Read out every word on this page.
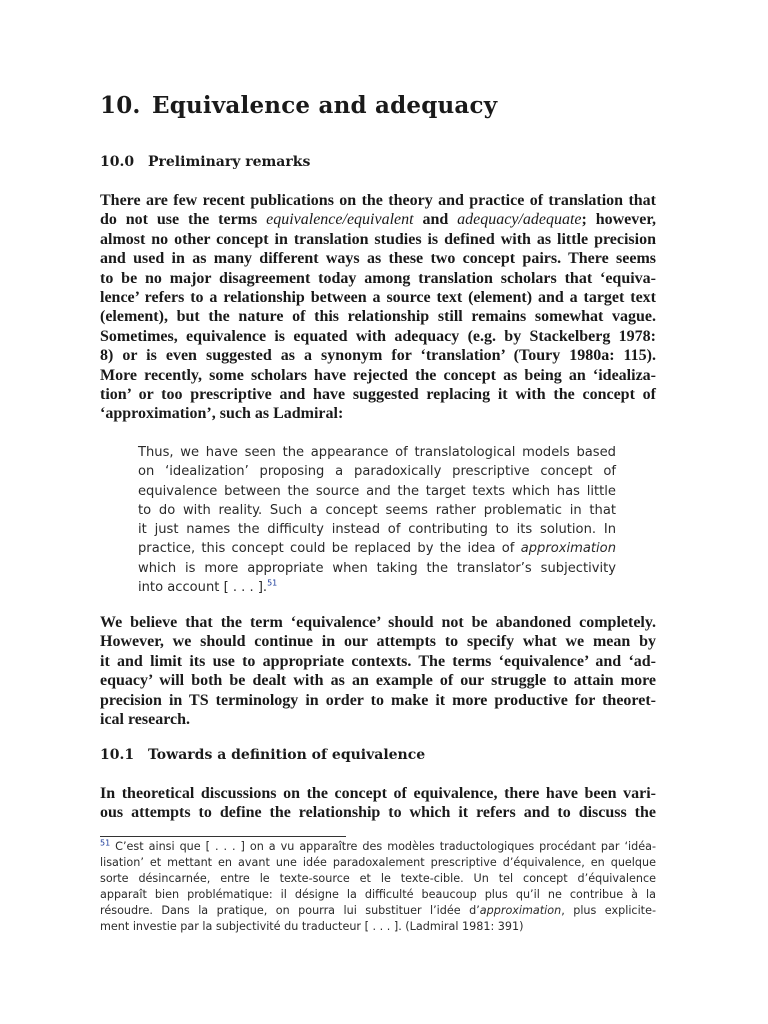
10. Equivalence and adequacy
10.0 Preliminary remarks
There are few recent publications on the theory and practice of translation that
do not use the terms equivalence/equivalent and adequacy/adequate; however,
almost no other concept in translation studies is defined with as little precision
and used in as many different ways as these two concept pairs. There seems
to be no major disagreement today among translation scholars that ‘equiva-
lence’ refers to a relationship between a source text (element) and a target text
(element), but the nature of this relationship still remains somewhat vague.
Sometimes, equivalence is equated with adequacy (e.g. by Stackelberg 1978:
8) or is even suggested as a synonym for ‘translation’ (Toury 1980a: 115).
More recently, some scholars have rejected the concept as being an ‘idealiza-
tion’ or too prescriptive and have suggested replacing it with the concept of
‘approximation’, such as Ladmiral:
Thus, we have seen the appearance of translatological models based
on ‘idealization’ proposing a paradoxically prescriptive concept of
equivalence between the source and the target texts which has little
to do with reality. Such a concept seems rather problematic in that
it just names the difficulty instead of contributing to its solution. In
practice, this concept could be replaced by the idea of approximation
which is more appropriate when taking the translator’s subjectivity
into account [ . . . ].$^{51}$
We believe that the term ‘equivalence’ should not be abandoned completely.
However, we should continue in our attempts to specify what we mean by
it and limit its use to appropriate contexts. The terms ‘equivalence’ and ‘ad-
equacy’ will both be dealt with as an example of our struggle to attain more
precision in TS terminology in order to make it more productive for theoret-
ical research.
10.1 Towards a definition of equivalence
In theoretical discussions on the concept of equivalence, there have been vari-
ous attempts to define the relationship to which it refers and to discuss the
$^{51}$ C’est ainsi que [ . . . ] on a vu apparaître des modèles traductologiques procédant par ‘idéa-
lisation’ et mettant en avant une idée paradoxalement prescriptive d’équivalence, en quelque
sorte désincarnée, entre le texte-source et le texte-cible. Un tel concept d’équivalence
apparaît bien problématique: il désigne la difficulté beaucoup plus qu’il ne contribue à la
résoudre. Dans la pratique, on pourra lui substituer l’idée d’approximation, plus explicite-
ment investie par la subjectivité du traducteur [ . . . ]. (Ladmiral 1981: 391)
